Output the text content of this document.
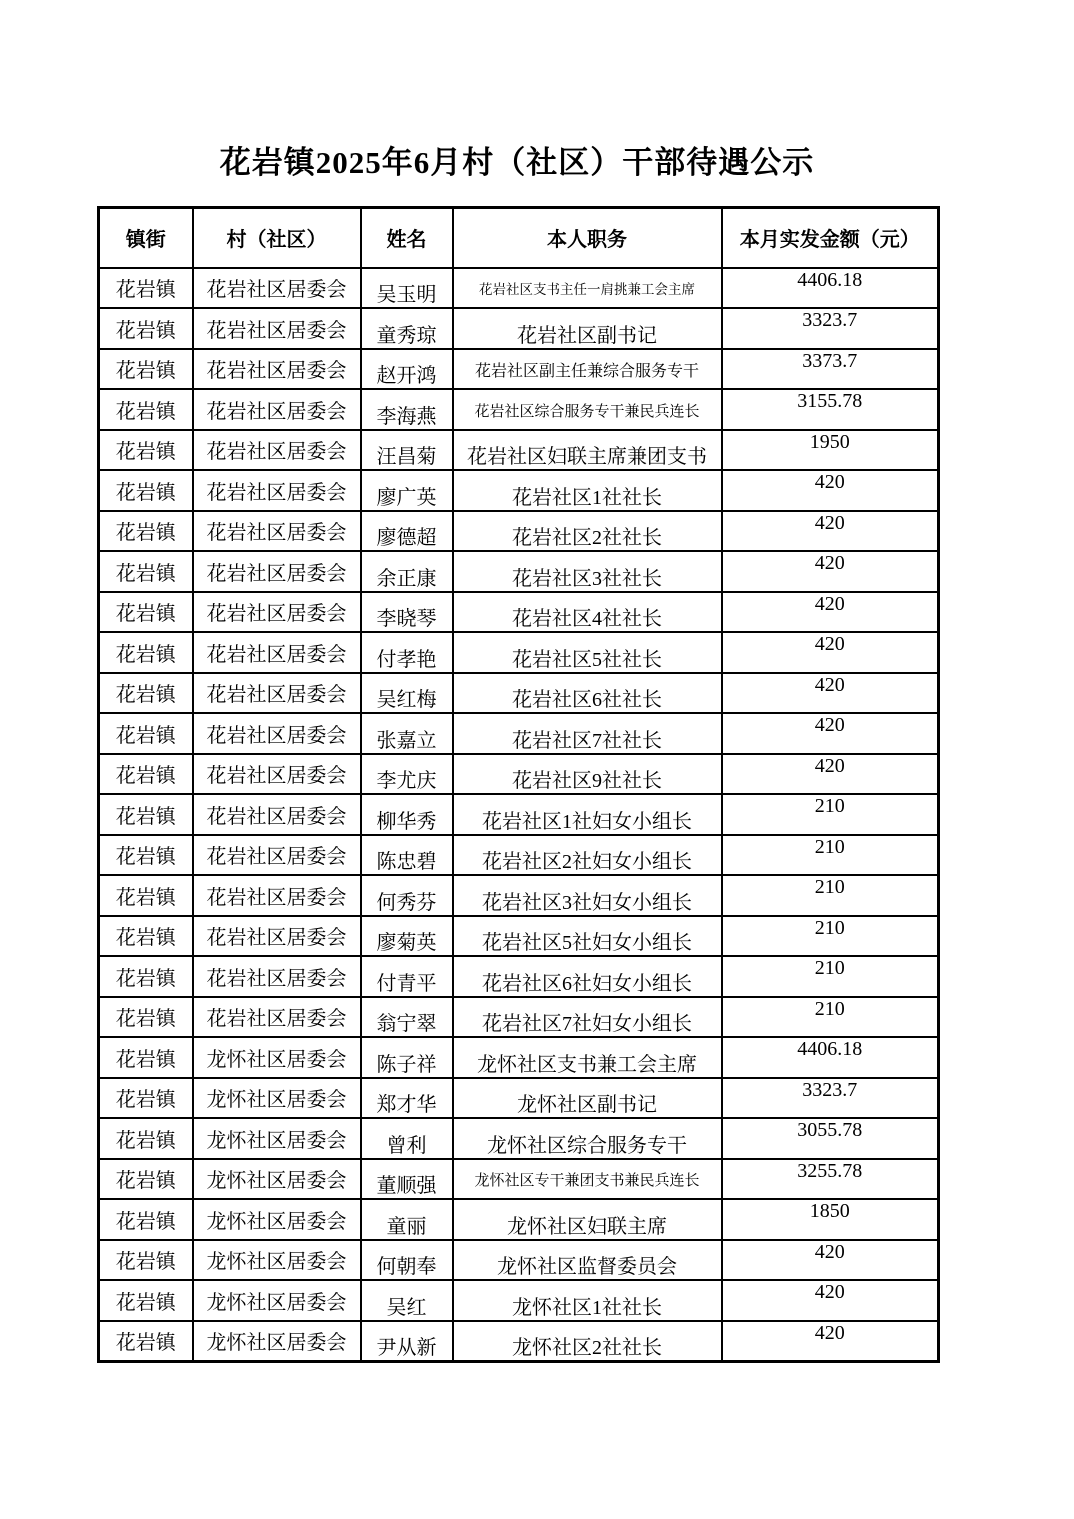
花岩镇2025年6月村（社区）干部待遇公示
镇街	村（社区）	姓名	本人职务	本月实发金额（元）
花岩镇	花岩社区居委会	吴玉明	花岩社区支书主任一肩挑兼工会主席	4406.18
花岩镇	花岩社区居委会	童秀琼	花岩社区副书记	3323.7
花岩镇	花岩社区居委会	赵开鸿	花岩社区副主任兼综合服务专干	3373.7
花岩镇	花岩社区居委会	李海燕	花岩社区综合服务专干兼民兵连长	3155.78
花岩镇	花岩社区居委会	汪昌菊	花岩社区妇联主席兼团支书	1950
花岩镇	花岩社区居委会	廖广英	花岩社区1社社长	420
花岩镇	花岩社区居委会	廖德超	花岩社区2社社长	420
花岩镇	花岩社区居委会	余正康	花岩社区3社社长	420
花岩镇	花岩社区居委会	李晓琴	花岩社区4社社长	420
花岩镇	花岩社区居委会	付孝艳	花岩社区5社社长	420
花岩镇	花岩社区居委会	吴红梅	花岩社区6社社长	420
花岩镇	花岩社区居委会	张嘉立	花岩社区7社社长	420
花岩镇	花岩社区居委会	李尤庆	花岩社区9社社长	420
花岩镇	花岩社区居委会	柳华秀	花岩社区1社妇女小组长	210
花岩镇	花岩社区居委会	陈忠碧	花岩社区2社妇女小组长	210
花岩镇	花岩社区居委会	何秀芬	花岩社区3社妇女小组长	210
花岩镇	花岩社区居委会	廖菊英	花岩社区5社妇女小组长	210
花岩镇	花岩社区居委会	付青平	花岩社区6社妇女小组长	210
花岩镇	花岩社区居委会	翁宁翠	花岩社区7社妇女小组长	210
花岩镇	龙怀社区居委会	陈子祥	龙怀社区支书兼工会主席	4406.18
花岩镇	龙怀社区居委会	郑才华	龙怀社区副书记	3323.7
花岩镇	龙怀社区居委会	曾利	龙怀社区综合服务专干	3055.78
花岩镇	龙怀社区居委会	董顺强	龙怀社区专干兼团支书兼民兵连长	3255.78
花岩镇	龙怀社区居委会	童丽	龙怀社区妇联主席	1850
花岩镇	龙怀社区居委会	何朝奉	龙怀社区监督委员会	420
花岩镇	龙怀社区居委会	吴红	龙怀社区1社社长	420
花岩镇	龙怀社区居委会	尹从新	龙怀社区2社社长	420
